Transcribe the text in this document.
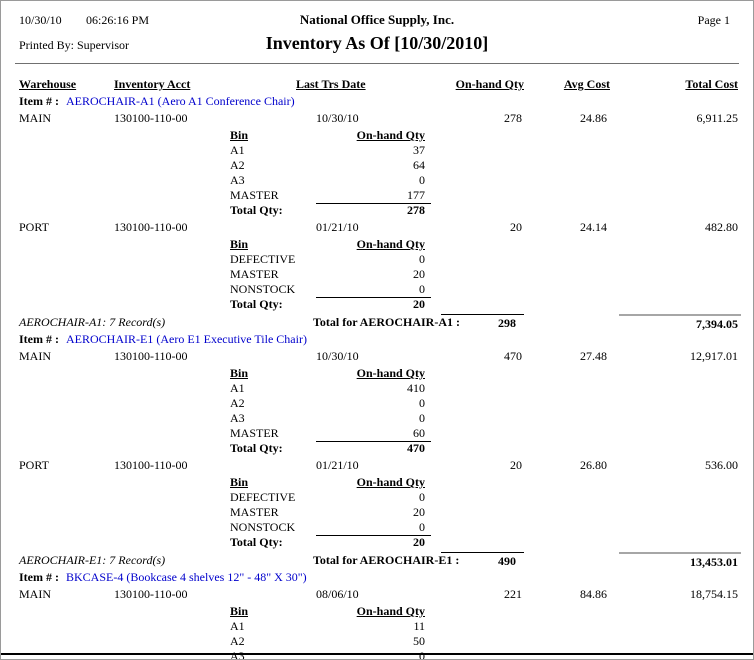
10/30/10 06:26:16 PM	National Office Supply, Inc.	Page 1
Printed By: Supervisor	Inventory As Of [10/30/2010]
Warehouse	Inventory Acct	Last Trs Date	On-hand Qty	Avg Cost	Total Cost
Item # : AEROCHAIR-A1 (Aero A1 Conference Chair)
MAIN	130100-110-00	10/30/10	278	24.86	6,911.25
Bin	On-hand Qty
A1	37
A2	64
A3	0
MASTER	177
Total Qty:	278
PORT	130100-110-00	01/21/10	20	24.14	482.80
Bin	On-hand Qty
DEFECTIVE	0
MASTER	20
NONSTOCK	0
Total Qty:	20
AEROCHAIR-A1: 7 Record(s)	Total for AEROCHAIR-A1 :	298	7,394.05
Item # : AEROCHAIR-E1 (Aero E1 Executive Tile Chair)
MAIN	130100-110-00	10/30/10	470	27.48	12,917.01
Bin	On-hand Qty
A1	410
A2	0
A3	0
MASTER	60
Total Qty:	470
PORT	130100-110-00	01/21/10	20	26.80	536.00
Bin	On-hand Qty
DEFECTIVE	0
MASTER	20
NONSTOCK	0
Total Qty:	20
AEROCHAIR-E1: 7 Record(s)	Total for AEROCHAIR-E1 :	490	13,453.01
Item # : BKCASE-4 (Bookcase 4 shelves 12" - 48" X 30")
MAIN	130100-110-00	08/06/10	221	84.86	18,754.15
Bin	On-hand Qty
A1	11
A2	50
